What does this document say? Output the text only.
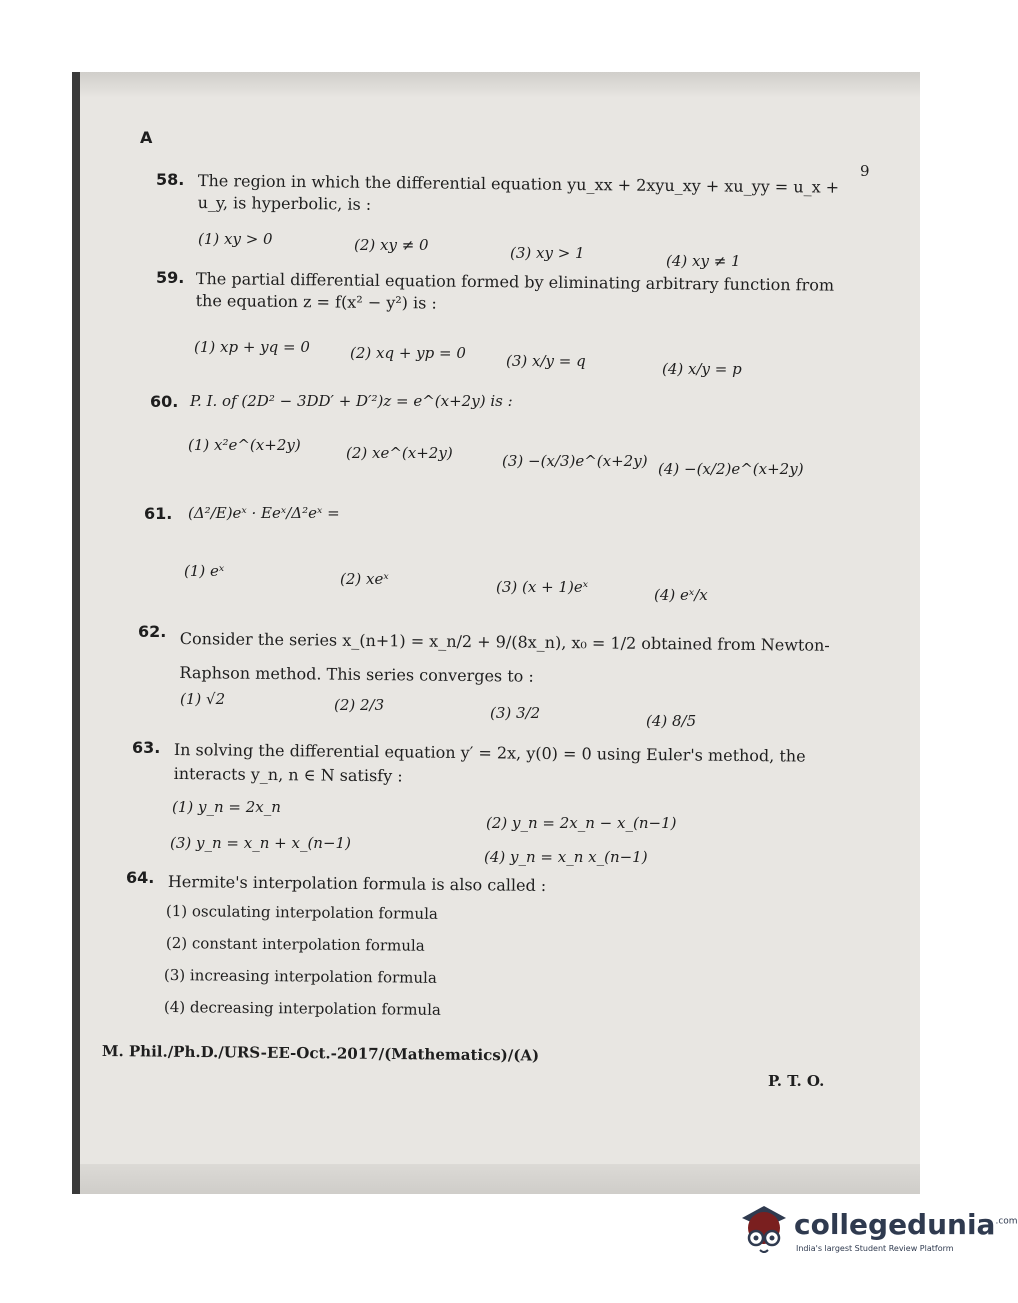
A
9
58. The region in which the differential equation yu_xx + 2xyu_xy + xu_yy = u_x + u_y, is hyperbolic, is :
(1) xy > 0	(2) xy ≠ 0	(3) xy > 1	(4) xy ≠ 1
59. The partial differential equation formed by eliminating arbitrary function from the equation z = f(x² − y²) is :
(1) xp + yq = 0	(2) xq + yp = 0	(3) x/y = q	(4) x/y = p
60. P. I. of (2D² − 3DD′ + D′²)z = e^(x+2y) is :
(1) x²e^(x+2y)	(2) xe^(x+2y)	(3) −(x/3)e^(x+2y) (4) −(x/2)e^(x+2y)
61. (Δ²/E)eˣ · Eeˣ/Δ²eˣ =
(1) eˣ	(2) xeˣ	(3) (x + 1)eˣ	(4) eˣ/x
62. Consider the series x_(n+1) = x_n/2 + 9/(8x_n), x₀ = 1/2 obtained from Newton-Raphson method. This series converges to :
(1) √2	(2) 2/3	(3) 3/2	(4) 8/5
63. In solving the differential equation y′ = 2x, y(0) = 0 using Euler's method, the interacts y_n, n ∈ N satisfy :
(1) y_n = 2x_n
(2) y_n = 2x_n − x_(n−1)
(3) y_n = x_n + x_(n−1)
(4) y_n = x_n x_(n−1)
64. Hermite's interpolation formula is also called :
(1) osculating interpolation formula
(2) constant interpolation formula
(3) increasing interpolation formula
(4) decreasing interpolation formula
M. Phil./Ph.D./URS-EE-Oct.-2017/(Mathematics)/(A)
P. T. O.
collegedunia$^{.com}$
India's largest Student Review Platform
